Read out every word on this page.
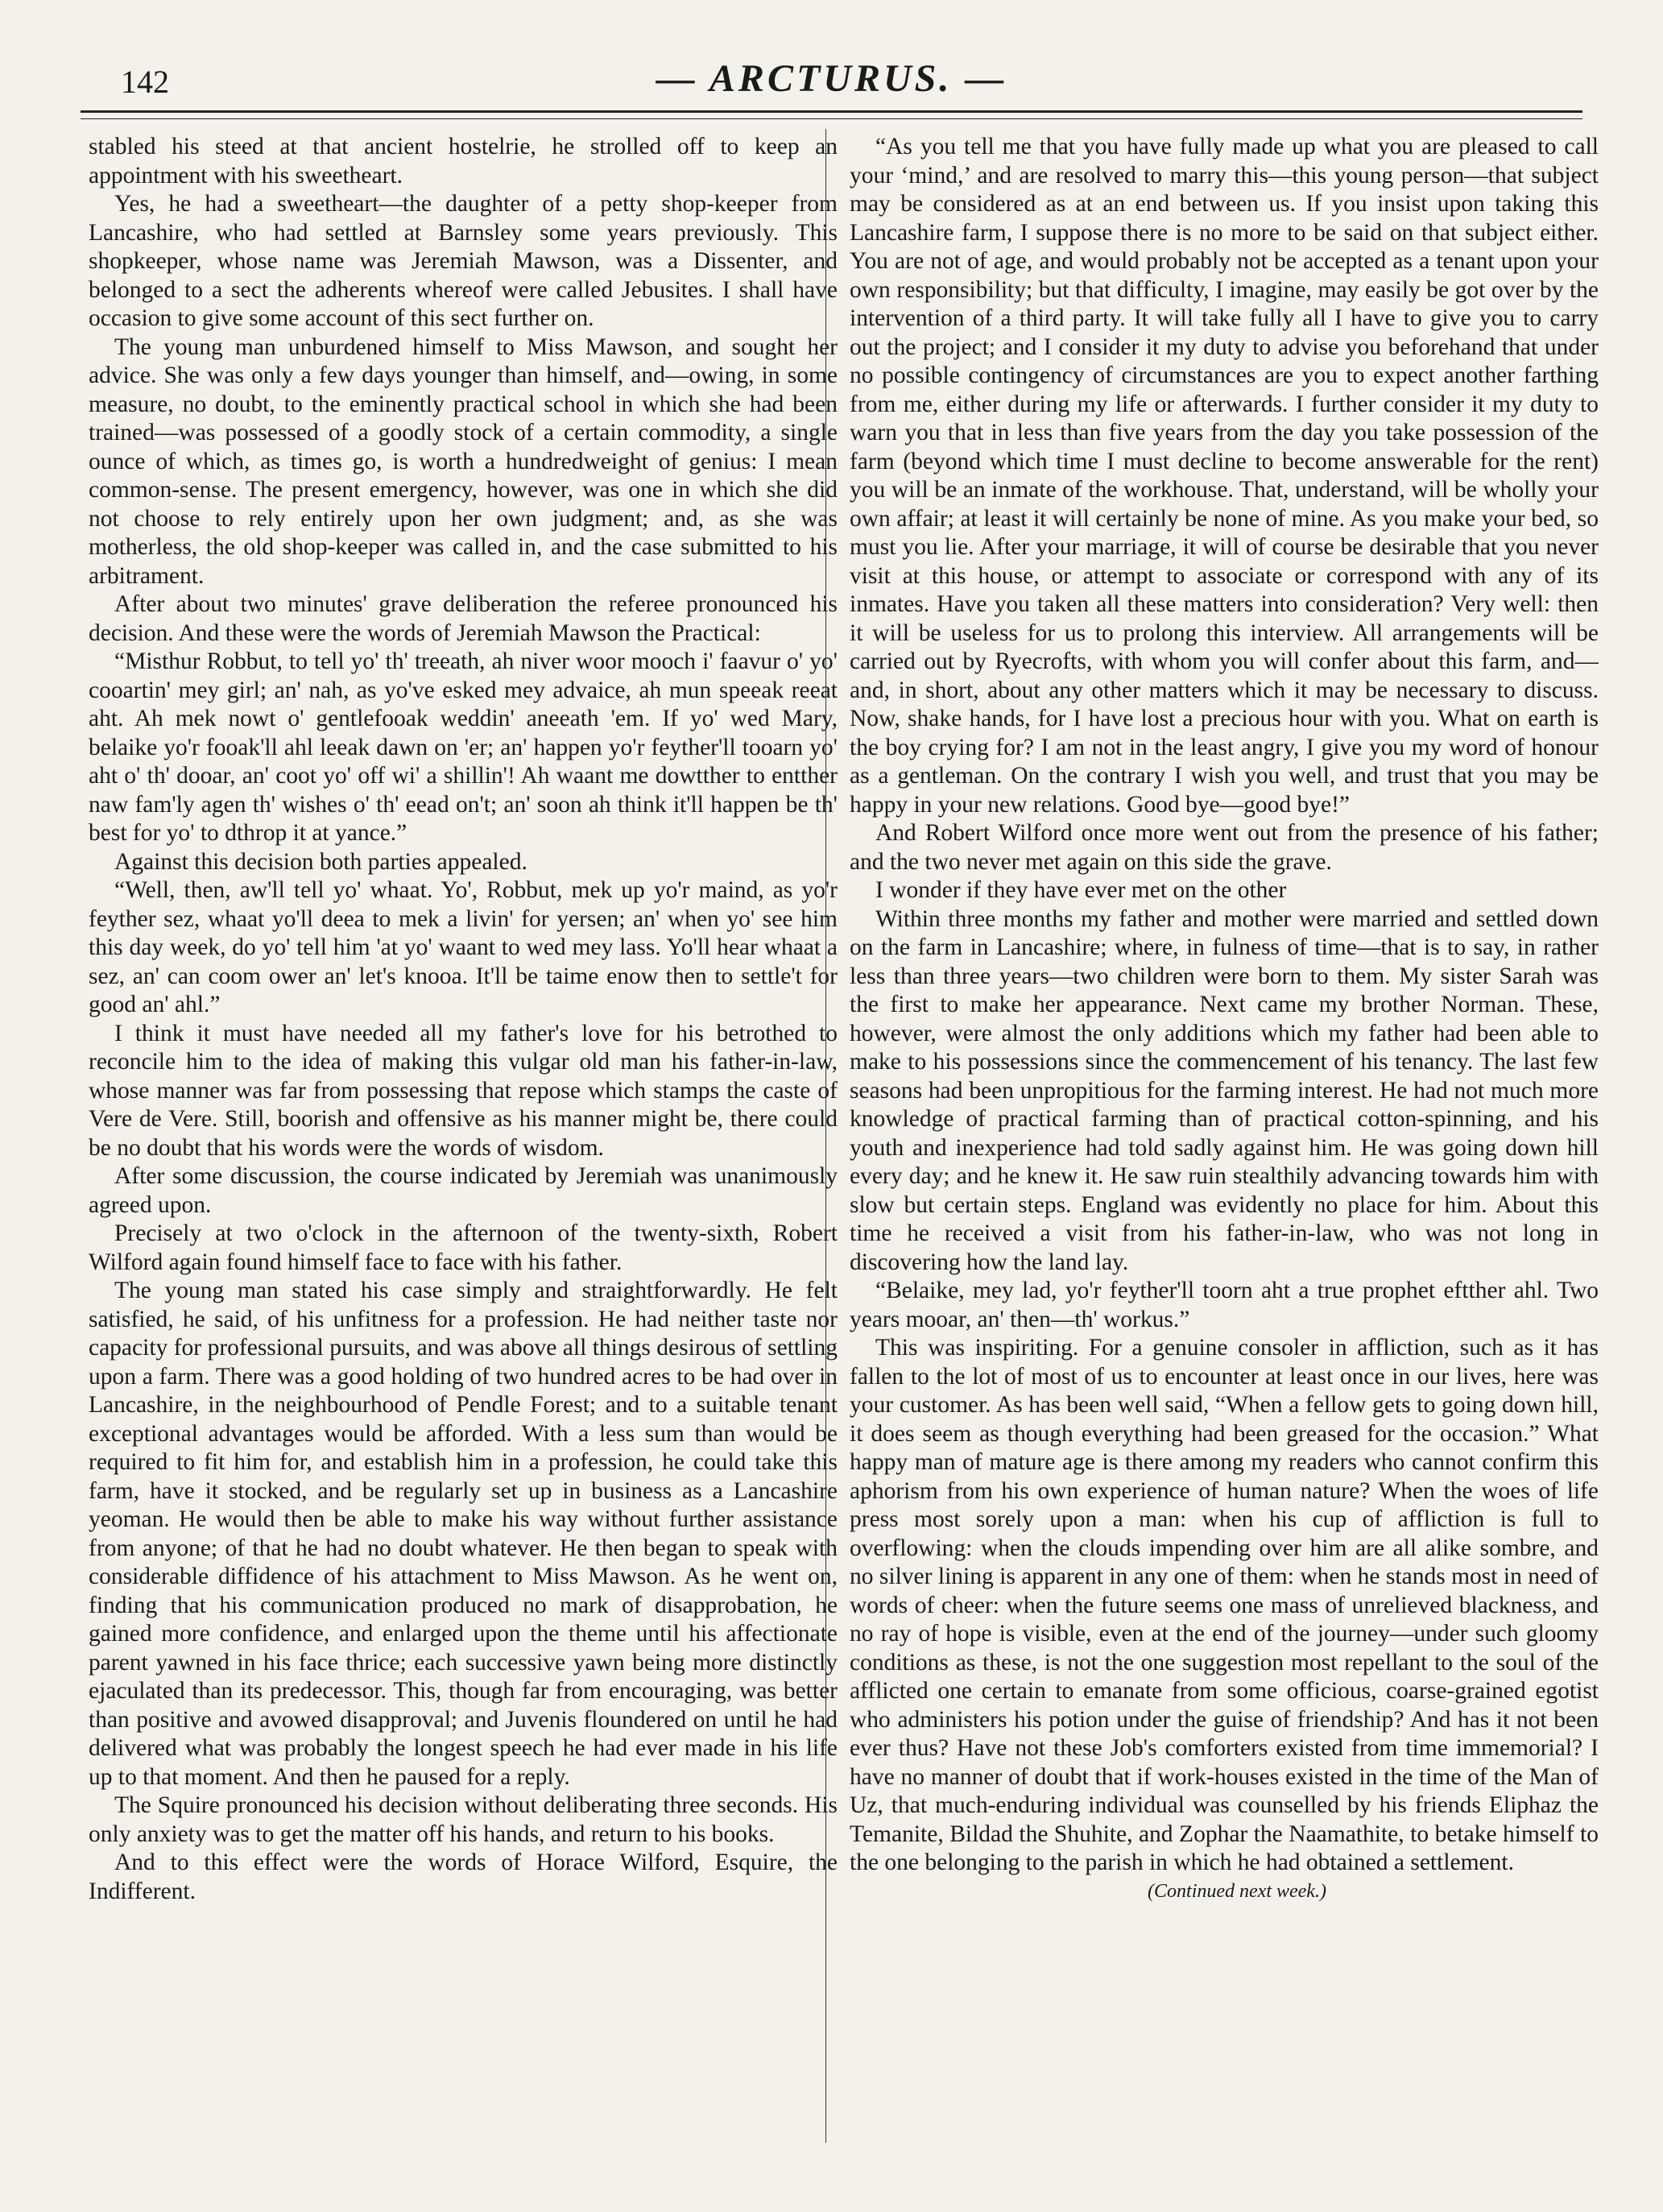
142	— ARCTURUS. —

stabled his steed at that ancient hostelrie, he strolled off to keep an appointment with his sweetheart.

Yes, he had a sweetheart—the daughter of a petty shop-keeper from Lancashire, who had settled at Barnsley some years previously. This shopkeeper, whose name was Jeremiah Mawson, was a Dissenter, and belonged to a sect the adherents whereof were called Jebusites. I shall have occasion to give some account of this sect further on.

The young man unburdened himself to Miss Mawson, and sought her advice. She was only a few days younger than himself, and—owing, in some measure, no doubt, to the eminently practical school in which she had been trained—was possessed of a goodly stock of a certain commodity, a single ounce of which, as times go, is worth a hundredweight of genius: I mean common-sense. The present emergency, however, was one in which she did not choose to rely entirely upon her own judgment; and, as she was motherless, the old shop-keeper was called in, and the case submitted to his arbitrament.

After about two minutes' grave deliberation the referee pronounced his decision. And these were the words of Jeremiah Mawson the Practical:

“Misthur Robbut, to tell yo' th' treeath, ah niver woor mooch i' faavur o' yo' cooartin' mey girl; an' nah, as yo've esked mey advaice, ah mun speeak reeat aht. Ah mek nowt o' gentlefooak weddin' aneeath 'em. If yo' wed Mary, belaike yo'r fooak'll ahl leeak dawn on 'er; an' happen yo'r feyther'll tooarn yo' aht o' th' dooar, an' coot yo' off wi' a shillin'! Ah waant me dowtther to entther naw fam'ly agen th' wishes o' th' eead on't; an' soon ah think it'll happen be th' best for yo' to dthrop it at yance.”

Against this decision both parties appealed.

“Well, then, aw'll tell yo' whaat. Yo', Robbut, mek up yo'r maind, as yo'r feyther sez, whaat yo'll deea to mek a livin' for yersen; an' when yo' see him this day week, do yo' tell him 'at yo' waant to wed mey lass. Yo'll hear whaat a sez, an' can coom ower an' let's knooa. It'll be taime enow then to settle't for good an' ahl.”

I think it must have needed all my father's love for his betrothed to reconcile him to the idea of making this vulgar old man his father-in-law, whose manner was far from possessing that repose which stamps the caste of Vere de Vere. Still, boorish and offensive as his manner might be, there could be no doubt that his words were the words of wisdom.

After some discussion, the course indicated by Jeremiah was unanimously agreed upon.

Precisely at two o'clock in the afternoon of the twenty-sixth, Robert Wilford again found himself face to face with his father.

The young man stated his case simply and straightforwardly. He felt satisfied, he said, of his unfitness for a profession. He had neither taste nor capacity for professional pursuits, and was above all things desirous of settling upon a farm. There was a good holding of two hundred acres to be had over in Lancashire, in the neighbourhood of Pendle Forest; and to a suitable tenant exceptional advantages would be afforded. With a less sum than would be required to fit him for, and establish him in a profession, he could take this farm, have it stocked, and be regularly set up in business as a Lancashire yeoman. He would then be able to make his way without further assistance from anyone; of that he had no doubt whatever. He then began to speak with considerable diffidence of his attachment to Miss Mawson. As he went on, finding that his communication produced no mark of disapprobation, he gained more confidence, and enlarged upon the theme until his affectionate parent yawned in his face thrice; each successive yawn being more distinctly ejaculated than its predecessor. This, though far from encouraging, was better than positive and avowed disapproval; and Juvenis floundered on until he had delivered what was probably the longest speech he had ever made in his life up to that moment. And then he paused for a reply.

The Squire pronounced his decision without deliberating three seconds. His only anxiety was to get the matter off his hands, and return to his books.

And to this effect were the words of Horace Wilford, Esquire, the Indifferent.

“As you tell me that you have fully made up what you are pleased to call your ‘mind,’ and are resolved to marry this—this young person—that subject may be considered as at an end between us. If you insist upon taking this Lancashire farm, I suppose there is no more to be said on that subject either. You are not of age, and would probably not be accepted as a tenant upon your own responsibility; but that difficulty, I imagine, may easily be got over by the intervention of a third party. It will take fully all I have to give you to carry out the project; and I consider it my duty to advise you beforehand that under no possible contingency of circumstances are you to expect another farthing from me, either during my life or afterwards. I further consider it my duty to warn you that in less than five years from the day you take possession of the farm (beyond which time I must decline to become answerable for the rent) you will be an inmate of the workhouse. That, understand, will be wholly your own affair; at least it will certainly be none of mine. As you make your bed, so must you lie. After your marriage, it will of course be desirable that you never visit at this house, or attempt to associate or correspond with any of its inmates. Have you taken all these matters into consideration? Very well: then it will be useless for us to prolong this interview. All arrangements will be carried out by Ryecrofts, with whom you will confer about this farm, and—and, in short, about any other matters which it may be necessary to discuss. Now, shake hands, for I have lost a precious hour with you. What on earth is the boy crying for? I am not in the least angry, I give you my word of honour as a gentleman. On the contrary I wish you well, and trust that you may be happy in your new relations. Good bye—good bye!”

And Robert Wilford once more went out from the presence of his father; and the two never met again on this side the grave.

I wonder if they have ever met on the other

Within three months my father and mother were married and settled down on the farm in Lancashire; where, in fulness of time—that is to say, in rather less than three years—two children were born to them. My sister Sarah was the first to make her appearance. Next came my brother Norman. These, however, were almost the only additions which my father had been able to make to his possessions since the commencement of his tenancy. The last few seasons had been unpropitious for the farming interest. He had not much more knowledge of practical farming than of practical cotton-spinning, and his youth and inexperience had told sadly against him. He was going down hill every day; and he knew it. He saw ruin stealthily advancing towards him with slow but certain steps. England was evidently no place for him. About this time he received a visit from his father-in-law, who was not long in discovering how the land lay.

“Belaike, mey lad, yo'r feyther'll toorn aht a true prophet eftther ahl. Two years mooar, an' then—th' workus.”

This was inspiriting. For a genuine consoler in affliction, such as it has fallen to the lot of most of us to encounter at least once in our lives, here was your customer. As has been well said, “When a fellow gets to going down hill, it does seem as though everything had been greased for the occasion.” What happy man of mature age is there among my readers who cannot confirm this aphorism from his own experience of human nature? When the woes of life press most sorely upon a man: when his cup of affliction is full to overflowing: when the clouds impending over him are all alike sombre, and no silver lining is apparent in any one of them: when he stands most in need of words of cheer: when the future seems one mass of unrelieved blackness, and no ray of hope is visible, even at the end of the journey—under such gloomy conditions as these, is not the one suggestion most repellant to the soul of the afflicted one certain to emanate from some officious, coarse-grained egotist who administers his potion under the guise of friendship? And has it not been ever thus? Have not these Job's comforters existed from time immemorial? I have no manner of doubt that if work-houses existed in the time of the Man of Uz, that much-enduring individual was counselled by his friends Eliphaz the Temanite, Bildad the Shuhite, and Zophar the Naamathite, to betake himself to the one belonging to the parish in which he had obtained a settlement.

(Continued next week.)
